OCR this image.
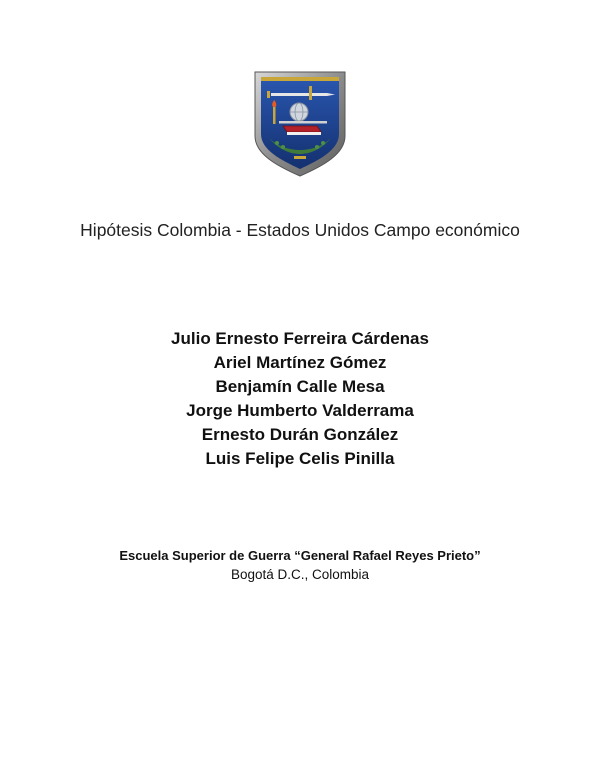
Hipótesis Colombia - Estados Unidos Campo económico
Julio Ernesto Ferreira Cárdenas
Ariel Martínez Gómez
Benjamín Calle Mesa
Jorge Humberto Valderrama
Ernesto Durán González
Luis Felipe Celis Pinilla
Escuela Superior de Guerra “General Rafael Reyes Prieto”
Bogotá D.C., Colombia
